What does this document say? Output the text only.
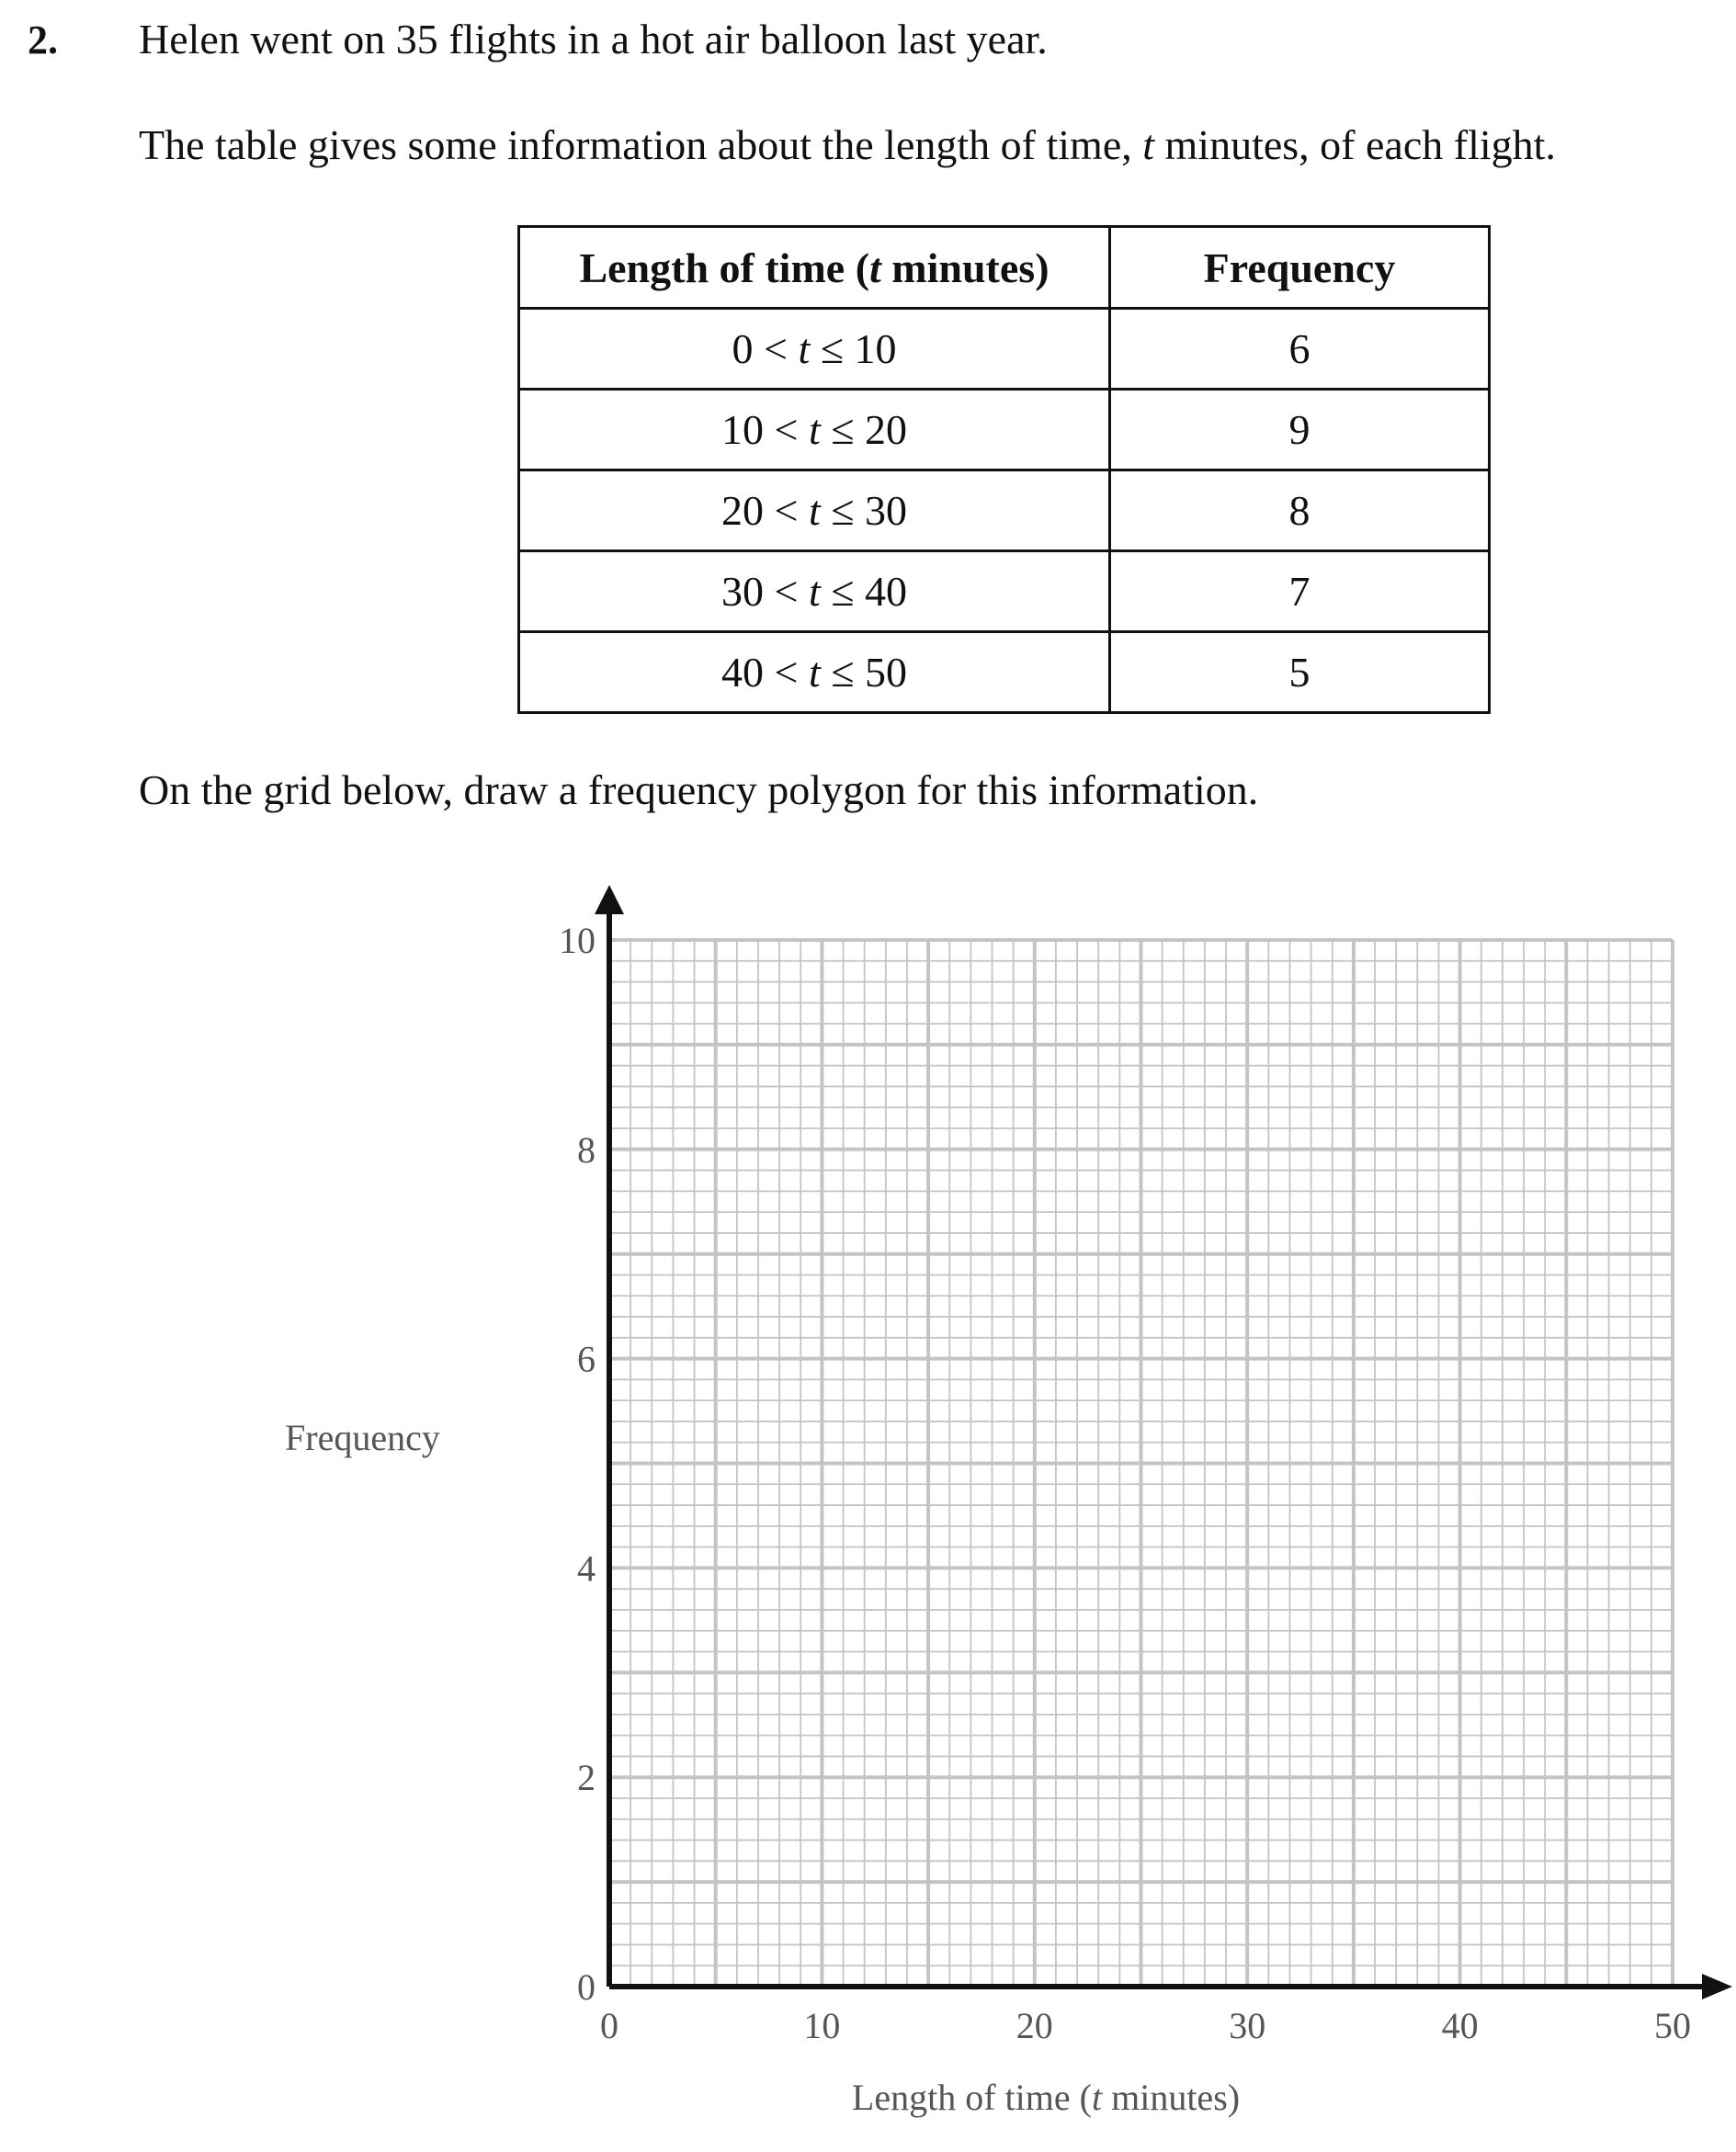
2. Helen went on 35 flights in a hot air balloon last year.
The table gives some information about the length of time, t minutes, of each flight.
Length of time (t minutes)	Frequency
0 < t ≤ 10	6
10 < t ≤ 20	9
20 < t ≤ 30	8
30 < t ≤ 40	7
40 < t ≤ 50	5
On the grid below, draw a frequency polygon for this information.
Frequency
Length of time (t minutes)
0	10	20	30	40	50
0
2
4
6
8
10
